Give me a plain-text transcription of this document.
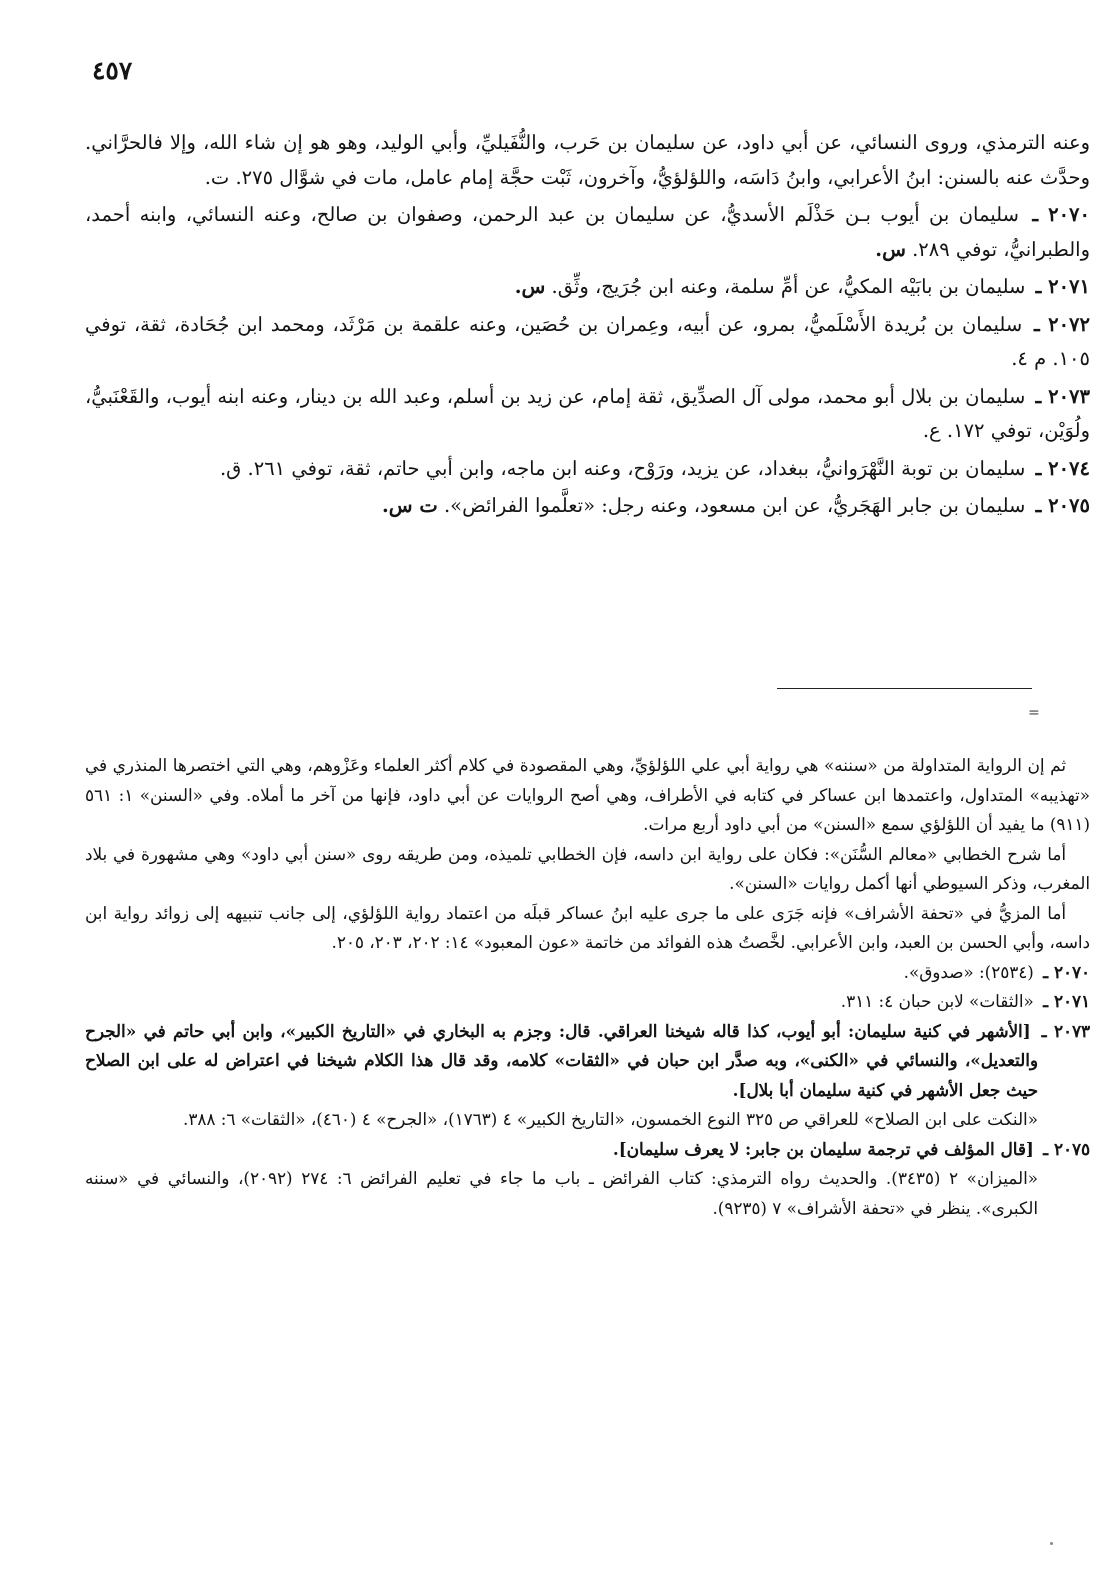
٤٥٧

وعنه الترمذي، وروى النسائي، عن أبي داود، عن سليمان بن حَرب، والنُّفَيليِّ، وأبي الوليد، وهو هو إن شاء الله، وإلا فالحرَّاني. وحدَّث عنه بالسنن: ابنُ الأعرابي، وابنُ دَاسَه، واللؤلؤيُّ، وآخرون، ثَبْت حجَّة إمام عامل، مات في شوَّال ٢٧٥. ت.

٢٠٧٠ ـ سليمان بن أيوب بـن حَذْلَم الأسديُّ، عن سليمان بن عبد الرحمن، وصفوان بن صالح، وعنه النسائي، وابنه أحمد، والطبرانيُّ، توفي ٢٨٩. س.

٢٠٧١ ـ سليمان بن بابَيْه المكيُّ، عن أمِّ سلمة، وعنه ابن جُرَيج، وثِّق. س.

٢٠٧٢ ـ سليمان بن بُريدة الأَسْلَميُّ، بمرو، عن أبيه، وعِمران بن حُصَين، وعنه علقمة بن مَرْثَد، ومحمد ابن جُحَادة، ثقة، توفي ١٠٥. م ٤.

٢٠٧٣ ـ سليمان بن بلال أبو محمد، مولى آل الصدِّيق، ثقة إمام، عن زيد بن أسلم، وعبد الله بن دينار، وعنه ابنه أيوب، والقَعْنَبيُّ، ولُوَيْن، توفي ١٧٢. ع.

٢٠٧٤ ـ سليمان بن توبة النَّهْرَوانيُّ، ببغداد، عن يزيد، ورَوْح، وعنه ابن ماجه، وابن أبي حاتم، ثقة، توفي ٢٦١. ق.

٢٠٧٥ ـ سليمان بن جابر الهَجَريُّ، عن ابن مسعود، وعنه رجل: «تعلَّموا الفرائض». ت س.

ثم إن الرواية المتداولة من «سننه» هي رواية أبي علي اللؤلؤيِّ، وهي المقصودة في كلام أكثر العلماء وعَزْوهم، وهي التي اختصرها المنذري في «تهذيبه» المتداول، واعتمدها ابن عساكر في كتابه في الأطراف، وهي أصح الروايات عن أبي داود، فإنها من آخر ما أملاه. وفي «السنن» ١: ٥٦١ (٩١١) ما يفيد أن اللؤلؤي سمع «السنن» من أبي داود أربع مرات.

أما شرح الخطابي «معالم السُّنَن»: فكان على رواية ابن داسه، فإن الخطابي تلميذه، ومن طريقه روى «سنن أبي داود» وهي مشهورة في بلاد المغرب، وذكر السيوطي أنها أكمل روايات «السنن».

أما المزيُّ في «تحفة الأشراف» فإنه جَرَى على ما جرى عليه ابنُ عساكر قبلَه من اعتماد رواية اللؤلؤي، إلى جانب تنبيهه إلى زوائد رواية ابن داسه، وأبي الحسن بن العبد، وابن الأعرابي. لخَّصتُ هذه الفوائد من خاتمة «عون المعبود» ١٤: ٢٠٢، ٢٠٣، ٢٠٥.

٢٠٧٠ ـ (٢٥٣٤): «صدوق».

٢٠٧١ ـ «الثقات» لابن حبان ٤: ٣١١.

٢٠٧٣ ـ [الأشهر في كنية سليمان: أبو أيوب، كذا قاله شيخنا العراقي. قال: وجزم به البخاري في «التاريخ الكبير»، وابن أبي حاتم في «الجرح والتعديل»، والنسائي في «الكنى»، وبه صدَّر ابن حبان في «الثقات» كلامه، وقد قال هذا الكلام شيخنا في اعتراض له على ابن الصلاح حيث جعل الأشهر في كنية سليمان أبا بلال].

«النكت على ابن الصلاح» للعراقي ص ٣٢٥ النوع الخمسون، «التاريخ الكبير» ٤ (١٧٦٣)، «الجرح» ٤ (٤٦٠)، «الثقات» ٦: ٣٨٨.

٢٠٧٥ ـ [قال المؤلف في ترجمة سليمان بن جابر: لا يعرف سليمان].

«الميزان» ٢ (٣٤٣٥). والحديث رواه الترمذي: كتاب الفرائض ـ باب ما جاء في تعليم الفرائض ٦: ٢٧٤ (٢٠٩٢)، والنسائي في «سننه الكبرى». ينظر في «تحفة الأشراف» ٧ (٩٢٣٥).

=
